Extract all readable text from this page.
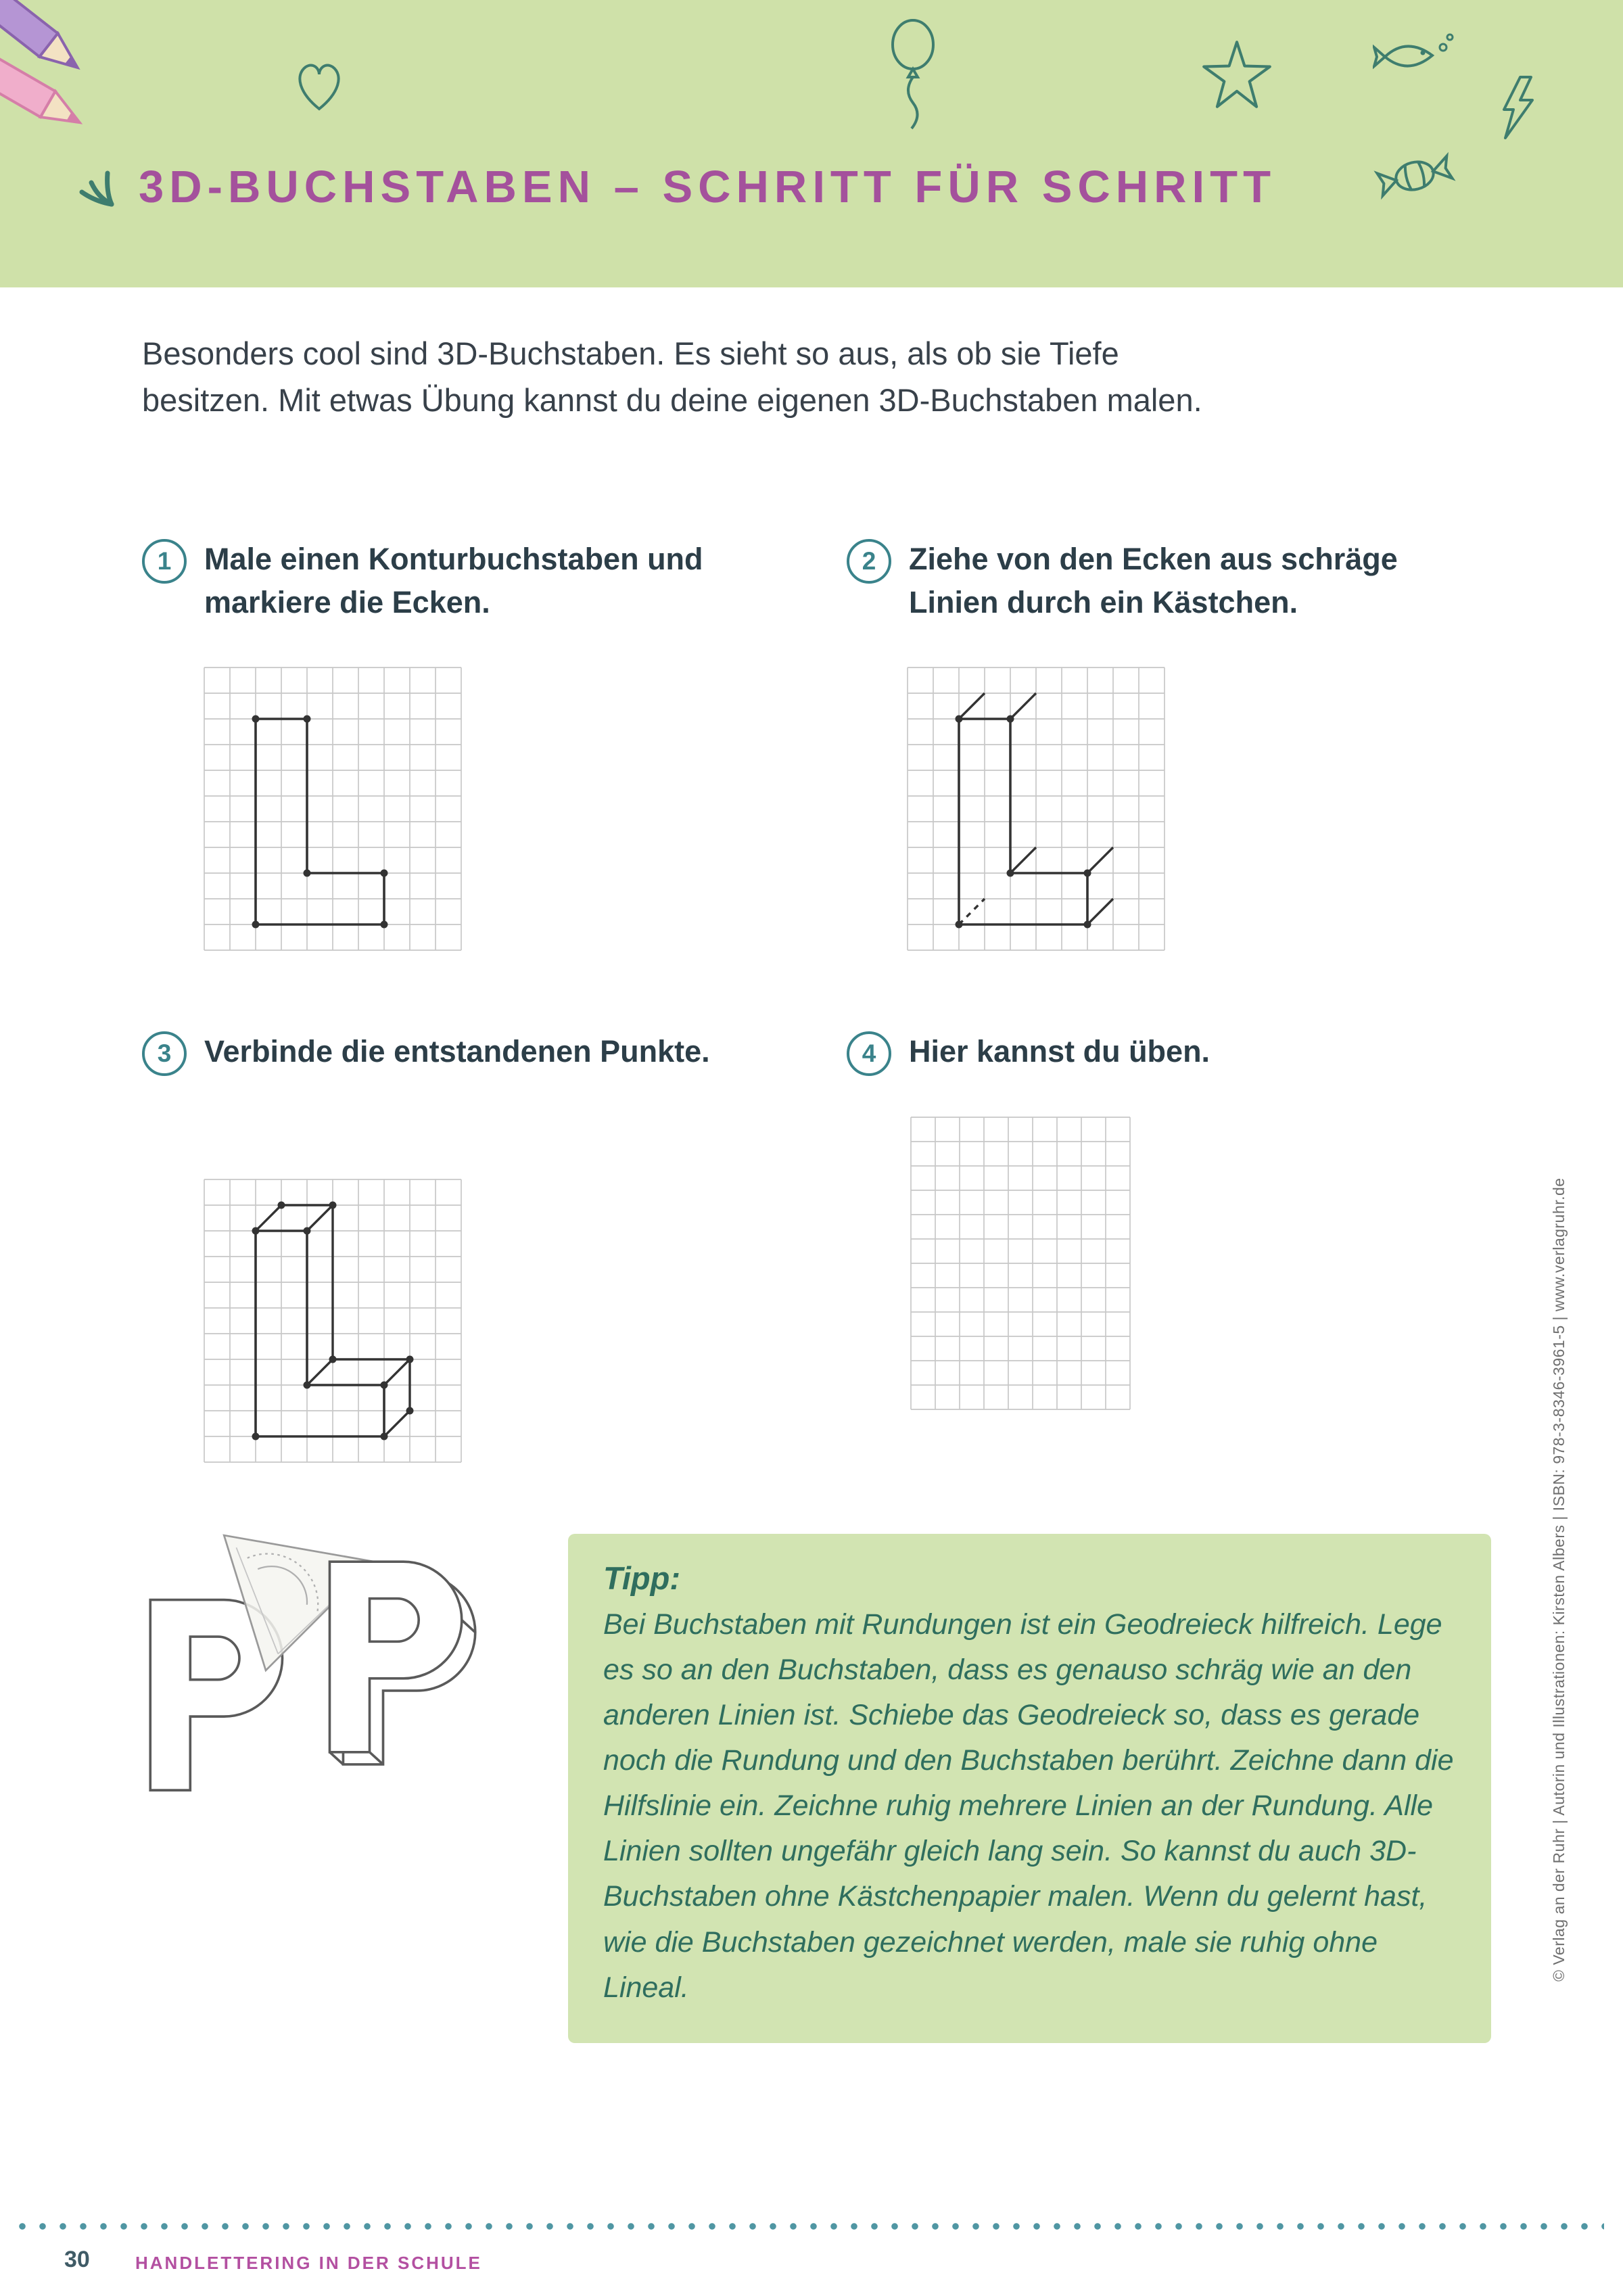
3D-BUCHSTABEN – SCHRITT FÜR SCHRITT

Besonders cool sind 3D-Buchstaben. Es sieht so aus, als ob sie Tiefe besitzen. Mit etwas Übung kannst du deine eigenen 3D-Buchstaben malen.

1	Male einen Konturbuchstaben und markiere die Ecken.

2	Ziehe von den Ecken aus schräge Linien durch ein Kästchen.

3	Verbinde die entstandenen Punkte.	4	Hier kannst du üben.

Tipp:

Bei Buchstaben mit Rundungen ist ein Geodreieck hilfreich. Lege es so an den Buchstaben, dass es genauso schräg wie an den anderen Linien ist. Schiebe das Geodreieck so, dass es gerade noch die Rundung und den Buchstaben berührt. Zeichne dann die Hilfslinie ein. Zeichne ruhig mehrere Linien an der Rundung. Alle Linien sollten ungefähr gleich lang sein. So kannst du auch 3D-Buchstaben ohne Kästchenpapier malen. Wenn du gelernt hast, wie die Buchstaben gezeichnet werden, male sie ruhig ohne Lineal.

© Verlag an der Ruhr | Autorin und Illustrationen: Kirsten Albers | ISBN: 978-3-8346-3961-5 | www.verlagruhr.de
30	HANDLETTERING IN DER SCHULE
